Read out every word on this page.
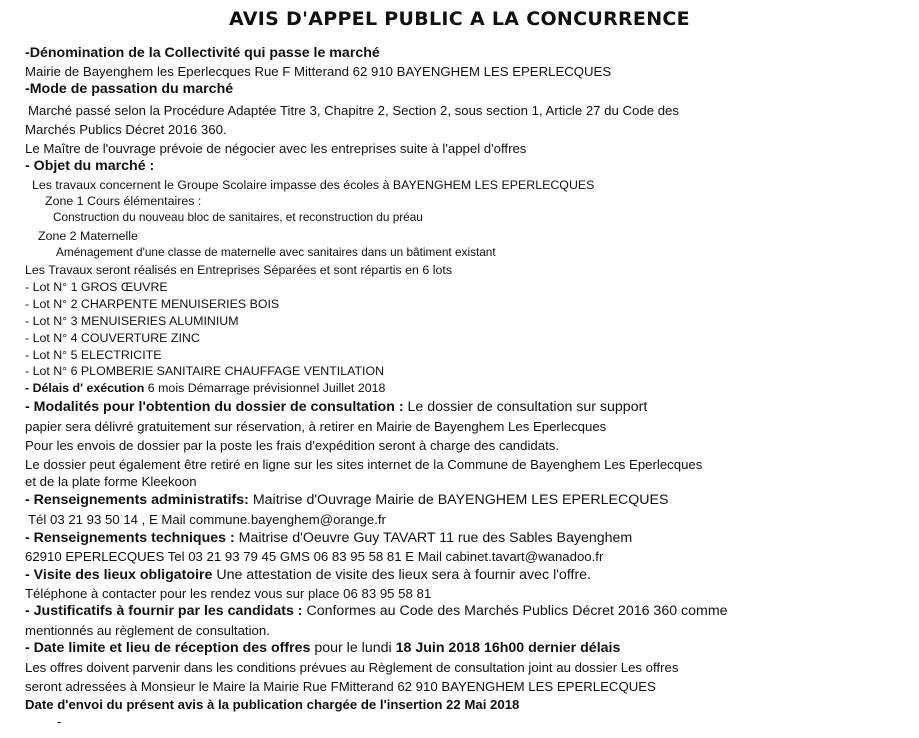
AVIS D'APPEL PUBLIC A LA CONCURRENCE
-Dénomination de la Collectivité qui passe le marché
Mairie de Bayenghem les Eperlecques Rue F Mitterand 62 910 BAYENGHEM LES EPERLECQUES
-Mode de passation du marché
Marché passé selon la Procédure Adaptée Titre 3, Chapitre 2, Section 2, sous section 1, Article 27 du Code des
Marchés Publics Décret 2016 360.
Le Maître de l'ouvrage prévoie de négocier avec les entreprises suite à l'appel d'offres
- Objet du marché :
Les travaux concernent le Groupe Scolaire impasse des écoles à BAYENGHEM LES EPERLECQUES
Zone 1 Cours élémentaires :
Construction du nouveau bloc de sanitaires, et reconstruction du préau
Zone 2 Maternelle
Aménagement d'une classe de maternelle avec sanitaires dans un bâtiment existant
Les Travaux seront réalisés en Entreprises Séparées et sont répartis en 6 lots
- Lot N° 1 GROS ŒUVRE
- Lot N° 2 CHARPENTE MENUISERIES BOIS
- Lot N° 3 MENUISERIES ALUMINIUM
- Lot N° 4 COUVERTURE ZINC
- Lot N° 5 ELECTRICITE
- Lot N° 6 PLOMBERIE SANITAIRE CHAUFFAGE VENTILATION
- Délais d' exécution 6 mois Démarrage prévisionnel Juillet 2018
- Modalités pour l'obtention du dossier de consultation : Le dossier de consultation sur support
papier sera délivré gratuitement sur réservation, à retirer en Mairie de Bayenghem Les Eperlecques
Pour les envois de dossier par la poste les frais d'expédition seront à charge des candidats.
Le dossier peut également être retiré en ligne sur les sites internet de la Commune de Bayenghem Les Eperlecques
et de la plate forme Kleekoon
- Renseignements administratifs: Maitrise d'Ouvrage Mairie de BAYENGHEM LES EPERLECQUES
Tél 03 21 93 50 14 , E Mail commune.bayenghem@orange.fr
- Renseignements techniques : Maitrise d'Oeuvre Guy TAVART 11 rue des Sables Bayenghem
62910 EPERLECQUES Tel 03 21 93 79 45 GMS 06 83 95 58 81 E Mail cabinet.tavart@wanadoo.fr
- Visite des lieux obligatoire Une attestation de visite des lieux sera à fournir avec l'offre.
Téléphone à contacter pour les rendez vous sur place 06 83 95 58 81
- Justificatifs à fournir par les candidats : Conformes au Code des Marchés Publics Décret 2016 360 comme
mentionnés au règlement de consultation.
- Date limite et lieu de réception des offres pour le lundi 18 Juin 2018 16h00 dernier délais
Les offres doivent parvenir dans les conditions prévues au Règlement de consultation joint au dossier Les offres
seront adressées à Monsieur le Maire la Mairie Rue FMitterand 62 910 BAYENGHEM LES EPERLECQUES
Date d'envoi du présent avis à la publication chargée de l'insertion 22 Mai 2018
-
